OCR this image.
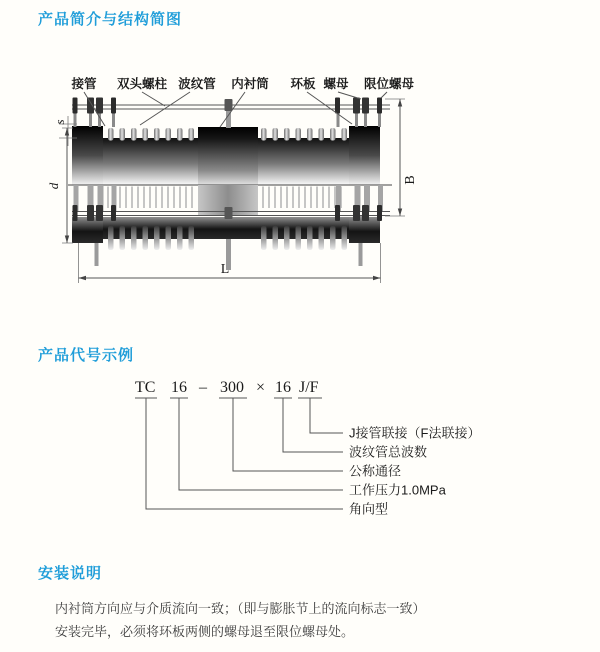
产品简介与结构简图
接管 双头螺柱 波纹管 内衬筒 环板 螺母 限位螺母
s
d
B
L
产品代号示例
TC 16 – 300 × 16 J/F
J接管联接（F法联接）
波纹管总波数
公称通径
工作压力1.0MPa
角向型
安装说明

内衬筒方向应与介质流向一致；（即与膨胀节上的流向标志一致）

安装完毕，必须将环板两侧的螺母退至限位螺母处。
